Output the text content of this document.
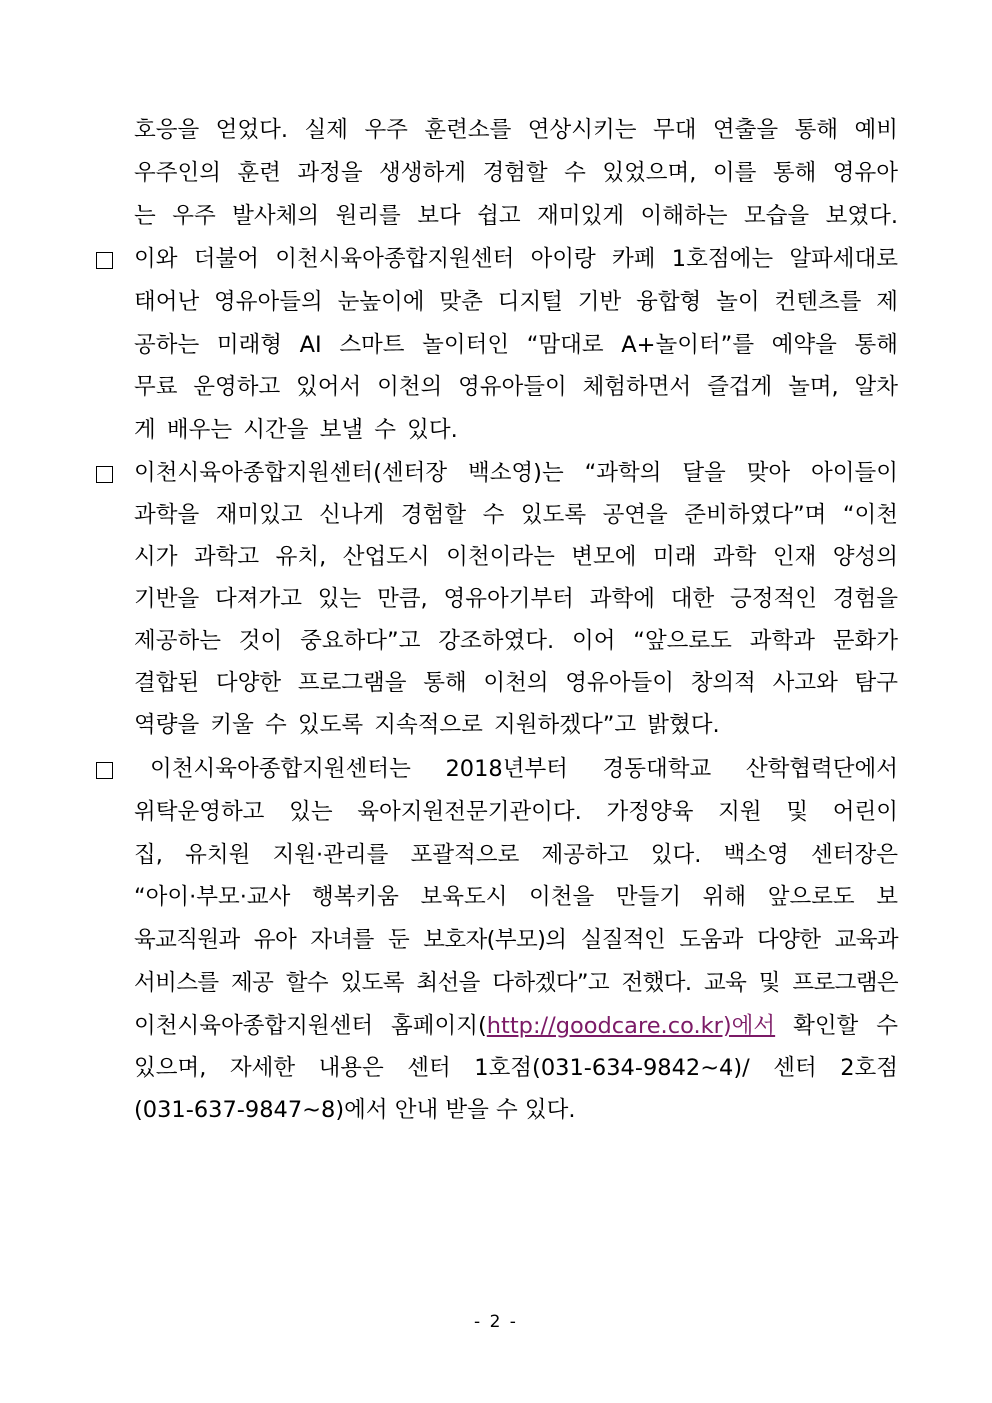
호응을 얻었다. 실제 우주 훈련소를 연상시키는 무대 연출을 통해 예비
우주인의 훈련 과정을 생생하게 경험할 수 있었으며, 이를 통해 영유아
는 우주 발사체의 원리를 보다 쉽고 재미있게 이해하는 모습을 보였다.
이와 더불어 이천시육아종합지원센터 아이랑 카페 1호점에는 알파세대로
태어난 영유아들의 눈높이에 맞춘 디지털 기반 융합형 놀이 컨텐츠를 제
공하는 미래형 AI 스마트 놀이터인 “맘대로 A+놀이터”를 예약을 통해
무료 운영하고 있어서 이천의 영유아들이 체험하면서 즐겁게 놀며, 알차
게 배우는 시간을 보낼 수 있다.
이천시육아종합지원센터(센터장 백소영)는 “과학의 달을 맞아 아이들이
과학을 재미있고 신나게 경험할 수 있도록 공연을 준비하였다”며 “이천
시가 과학고 유치, 산업도시 이천이라는 변모에 미래 과학 인재 양성의
기반을 다져가고 있는 만큼, 영유아기부터 과학에 대한 긍정적인 경험을
제공하는 것이 중요하다”고 강조하였다. 이어 “앞으로도 과학과 문화가
결합된 다양한 프로그램을 통해 이천의 영유아들이 창의적 사고와 탐구
역량을 키울 수 있도록 지속적으로 지원하겠다”고 밝혔다.
이천시육아종합지원센터는 2018년부터 경동대학교 산학협력단에서
위탁운영하고 있는 육아지원전문기관이다. 가정양육 지원 및 어린이
집, 유치원 지원·관리를 포괄적으로 제공하고 있다. 백소영 센터장은
“아이·부모·교사 행복키움 보육도시 이천을 만들기 위해 앞으로도 보
육교직원과 유아 자녀를 둔 보호자(부모)의 실질적인 도움과 다양한 교육과
서비스를 제공 할수 있도록 최선을 다하겠다”고 전했다. 교육 및 프로그램은
이천시육아종합지원센터 홈페이지(http://goodcare.co.kr)에서 확인할 수
있으며, 자세한 내용은 센터 1호점(031-634-9842~4)/ 센터 2호점
(031-637-9847~8)에서 안내 받을 수 있다.
- 2 -
